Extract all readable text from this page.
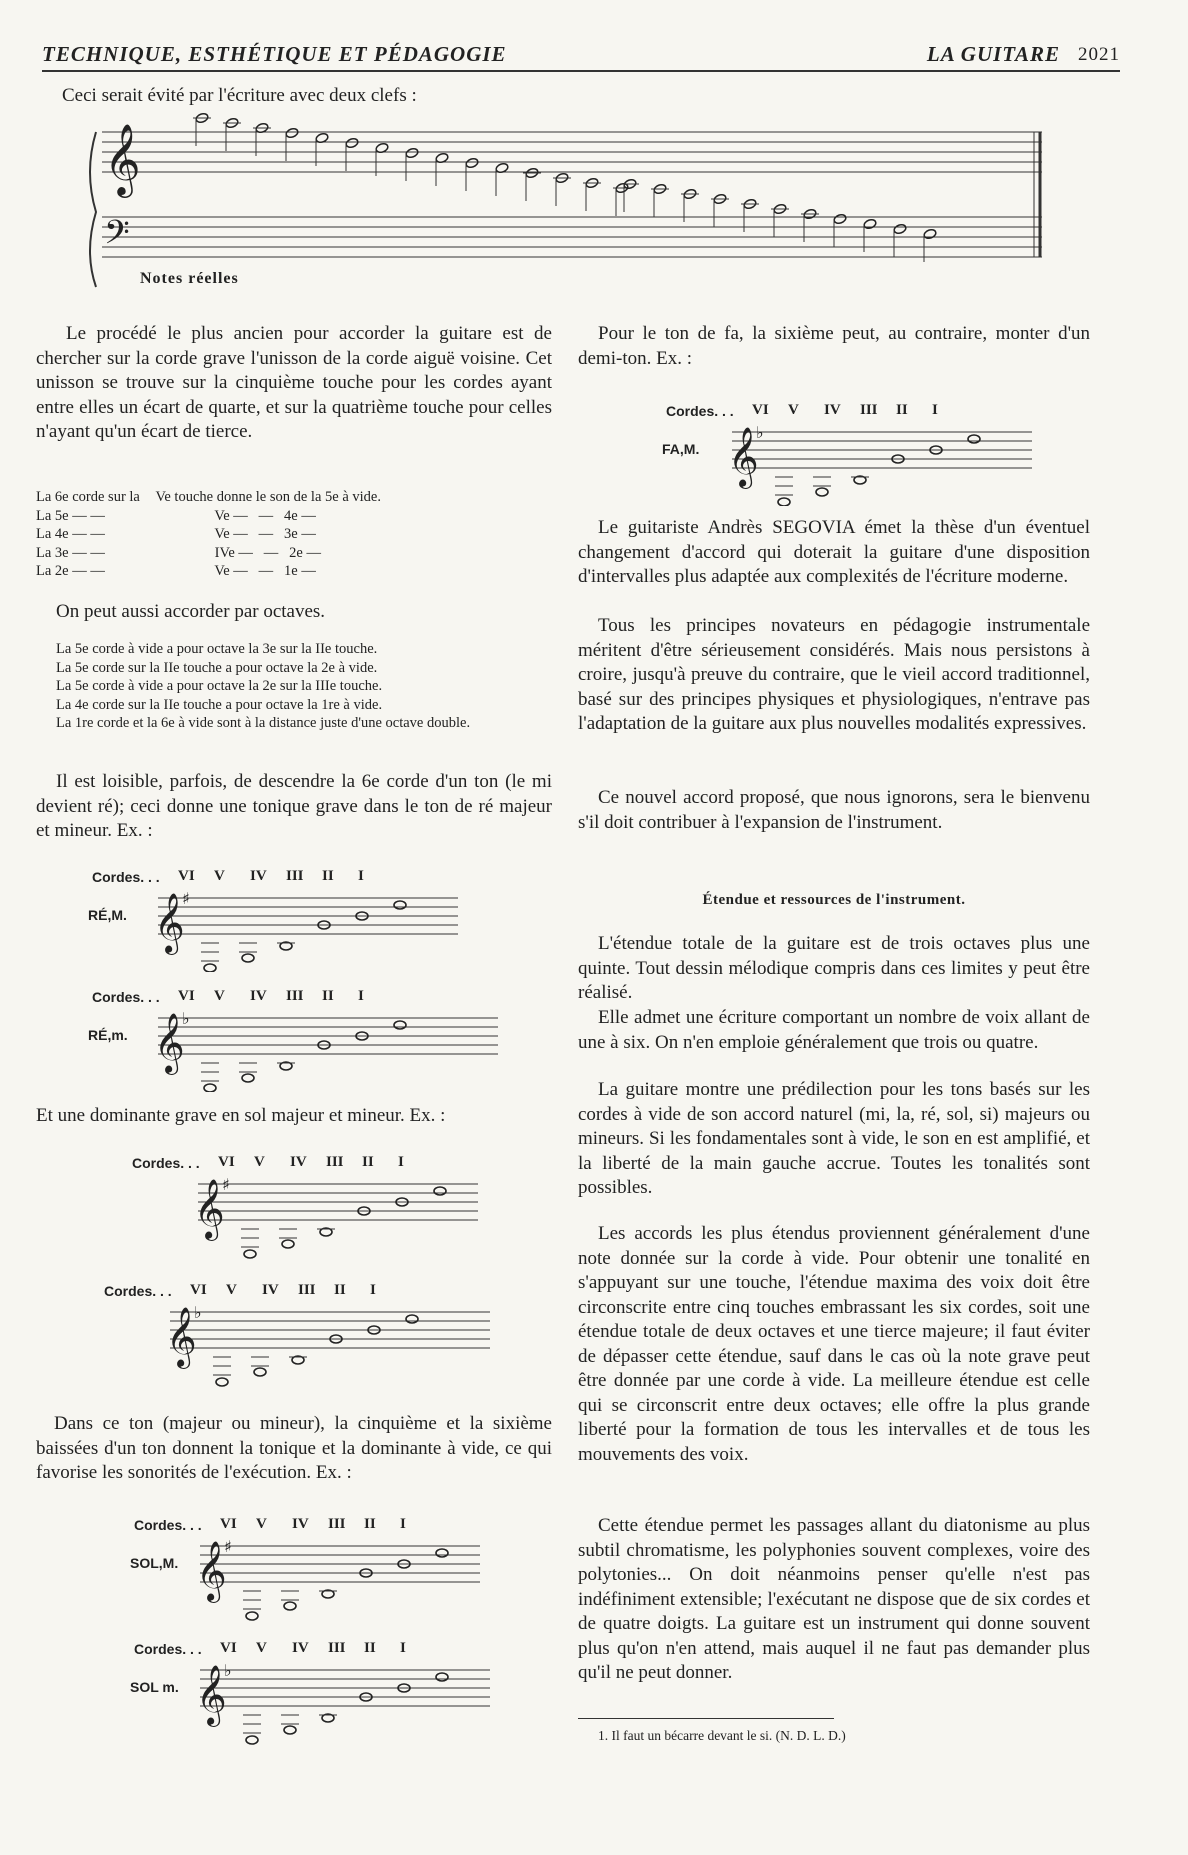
TECHNIQUE, ESTHÉTIQUE ET PÉDAGOGIE	LA GUITARE 2021
Ceci serait évité par l'écriture avec deux clefs :
𝄞
𝄢
Notes réelles
Le procédé le plus ancien pour accorder la guitare est de chercher sur la corde grave l'unisson de la corde aiguë voisine. Cet unisson se trouve sur la cinquième touche pour les cordes ayant entre elles un écart de quarte, et sur la quatrième touche pour celles n'ayant qu'un écart de tierce.
La 6e corde sur la Ve touche donne le son de la 5e à vide.
La 5e — —	Ve —   —   4e —
La 4e — —	Ve —   —   3e —
La 3e — —	IVe —   —   2e —
La 2e — —	Ve —   —   1e —
On peut aussi accorder par octaves.
La 5e corde à vide a pour octave la 3e sur la IIe touche.
La 5e corde sur la IIe touche a pour octave la 2e à vide.
La 5e corde à vide a pour octave la 2e sur la IIIe touche.
La 4e corde sur la IIe touche a pour octave la 1re à vide.
La 1re corde et la 6e à vide sont à la distance juste d'une octave double.
Il est loisible, parfois, de descendre la 6e corde d'un ton (le mi devient ré); ceci donne une tonique grave dans le ton de ré majeur et mineur. Ex. :
Cordes. . . VI V IV III II I
RÉ,M. 𝄞
♯
Cordes. . . VI V IV III II I
RÉ,m. 𝄞
♭
Et une dominante grave en sol majeur et mineur. Ex. :
Cordes. . . VI V IV III II I
𝄞
♯
Cordes. . . VI V IV III II I
𝄞
♭
Dans ce ton (majeur ou mineur), la cinquième et la sixième baissées d'un ton donnent la tonique et la dominante à vide, ce qui favorise les sonorités de l'exécution. Ex. :
Cordes. . . VI V IV III II I
SOL,M. 𝄞
♯
Cordes. . . VI V IV III II I
SOL m. 𝄞
♭
Pour le ton de fa, la sixième peut, au contraire, monter d'un demi-ton. Ex. :
Cordes. . . VI V IV III II I
FA,M. 𝄞
♭
Le guitariste Andrès SEGOVIA émet la thèse d'un éventuel changement d'accord qui doterait la guitare d'une disposition d'intervalles plus adaptée aux complexités de l'écriture moderne.
Tous les principes novateurs en pédagogie instrumentale méritent d'être sérieusement considérés. Mais nous persistons à croire, jusqu'à preuve du contraire, que le vieil accord traditionnel, basé sur des principes physiques et physiologiques, n'entrave pas l'adaptation de la guitare aux plus nouvelles modalités expressives.
Ce nouvel accord proposé, que nous ignorons, sera le bienvenu s'il doit contribuer à l'expansion de l'instrument.
Étendue et ressources de l'instrument.
L'étendue totale de la guitare est de trois octaves plus une quinte. Tout dessin mélodique compris dans ces limites y peut être réalisé.
Elle admet une écriture comportant un nombre de voix allant de une à six. On n'en emploie généralement que trois ou quatre.
La guitare montre une prédilection pour les tons basés sur les cordes à vide de son accord naturel (mi, la, ré, sol, si) majeurs ou mineurs. Si les fondamentales sont à vide, le son en est amplifié, et la liberté de la main gauche accrue. Toutes les tonalités sont possibles.
Les accords les plus étendus proviennent généralement d'une note donnée sur la corde à vide. Pour obtenir une tonalité en s'appuyant sur une touche, l'étendue maxima des voix doit être circonscrite entre cinq touches embrassant les six cordes, soit une étendue totale de deux octaves et une tierce majeure; il faut éviter de dépasser cette étendue, sauf dans le cas où la note grave peut être donnée par une corde à vide. La meilleure étendue est celle qui se circonscrit entre deux octaves; elle offre la plus grande liberté pour la formation de tous les intervalles et de tous les mouvements des voix.
Cette étendue permet les passages allant du diatonisme au plus subtil chromatisme, les polyphonies souvent complexes, voire des polytonies... On doit néanmoins penser qu'elle n'est pas indéfiniment extensible; l'exécutant ne dispose que de six cordes et de quatre doigts. La guitare est un instrument qui donne souvent plus qu'on n'en attend, mais auquel il ne faut pas demander plus qu'il ne peut donner.
1. Il faut un bécarre devant le si. (N. D. L. D.)
